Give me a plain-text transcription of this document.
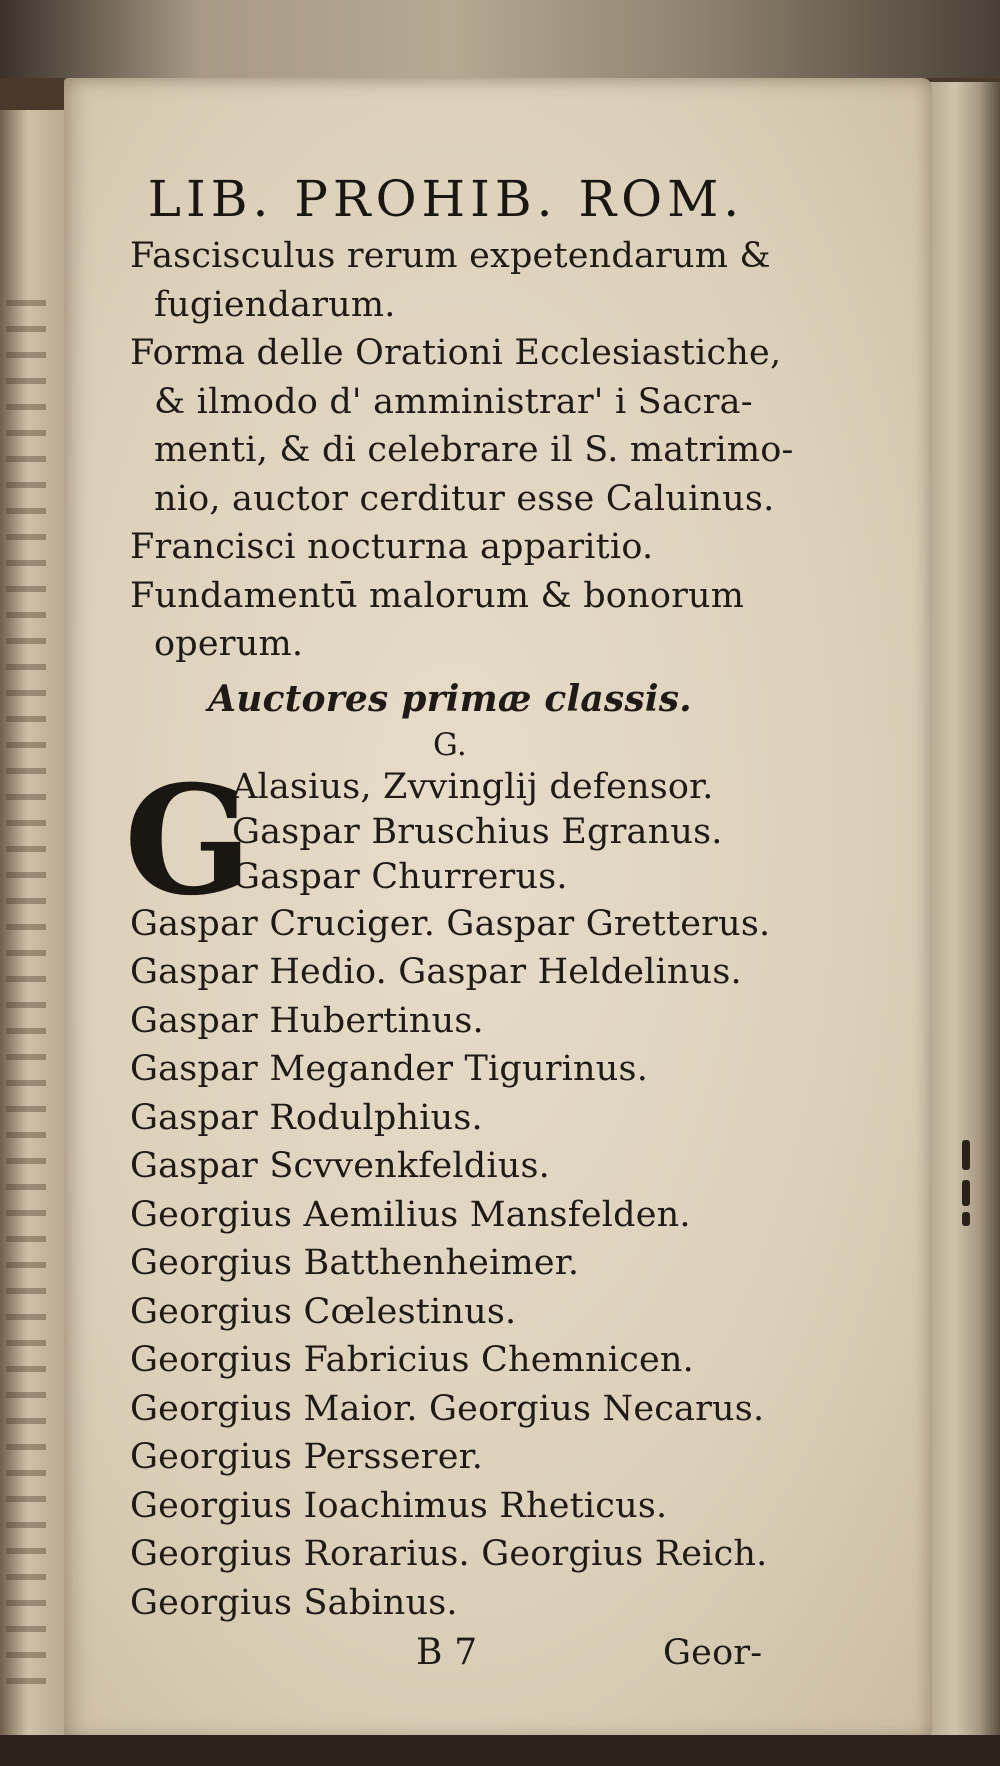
LIB. PROHIB. ROM.
Fascisculus rerum expetendarum &
fugiendarum.
Forma delle Orationi Ecclesiastiche,
& ilmodo d' amministrar' i Sacra-
menti, & di celebrare il S. matrimo-
nio, auctor cerditur esse Caluinus.
Francisci nocturna apparitio.
Fundamentū malorum & bonorum
operum.
Auctores primæ classis.
G.
G
Alasius, Zvvinglij defensor.
Gaspar Bruschius Egranus.
Gaspar Churrerus.
Gaspar Cruciger. Gaspar Gretterus.
Gaspar Hedio. Gaspar Heldelinus.
Gaspar Hubertinus.
Gaspar Megander Tigurinus.
Gaspar Rodulphius.
Gaspar Scvvenkfeldius.
Georgius Aemilius Mansfelden.
Georgius Batthenheimer.
Georgius Cœlestinus.
Georgius Fabricius Chemnicen.
Georgius Maior. Georgius Necarus.
Georgius Persserer.
Georgius Ioachimus Rheticus.
Georgius Rorarius. Georgius Reich.
Georgius Sabinus.
B 7	Geor-
